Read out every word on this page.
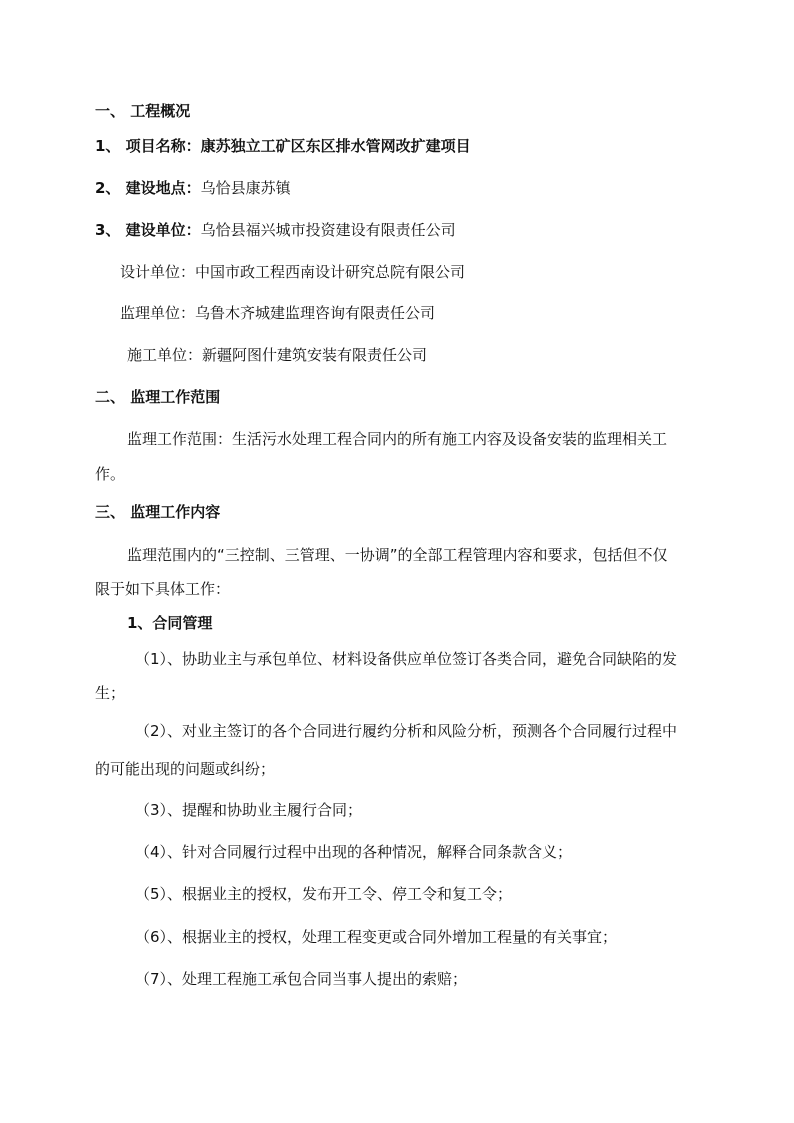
一、 工程概况
1、 项目名称：康苏独立工矿区东区排水管网改扩建项目
2、 建设地点：乌恰县康苏镇
3、 建设单位：乌恰县福兴城市投资建设有限责任公司
设计单位：中国市政工程西南设计研究总院有限公司
监理单位：乌鲁木齐城建监理咨询有限责任公司
施工单位：新疆阿图什建筑安装有限责任公司
二、 监理工作范围
监理工作范围：生活污水处理工程合同内的所有施工内容及设备安装的监理相关工
作。
三、 监理工作内容
监理范围内的“三控制、三管理、一协调”的全部工程管理内容和要求，包括但不仅
限于如下具体工作：
1、合同管理
（1）、协助业主与承包单位、材料设备供应单位签订各类合同，避免合同缺陷的发
生；
（2）、对业主签订的各个合同进行履约分析和风险分析，预测各个合同履行过程中
的可能出现的问题或纠纷；
（3）、提醒和协助业主履行合同；
（4）、针对合同履行过程中出现的各种情况，解释合同条款含义；
（5）、根据业主的授权，发布开工令、停工令和复工令；
（6）、根据业主的授权，处理工程变更或合同外增加工程量的有关事宜；
（7）、处理工程施工承包合同当事人提出的索赔；
